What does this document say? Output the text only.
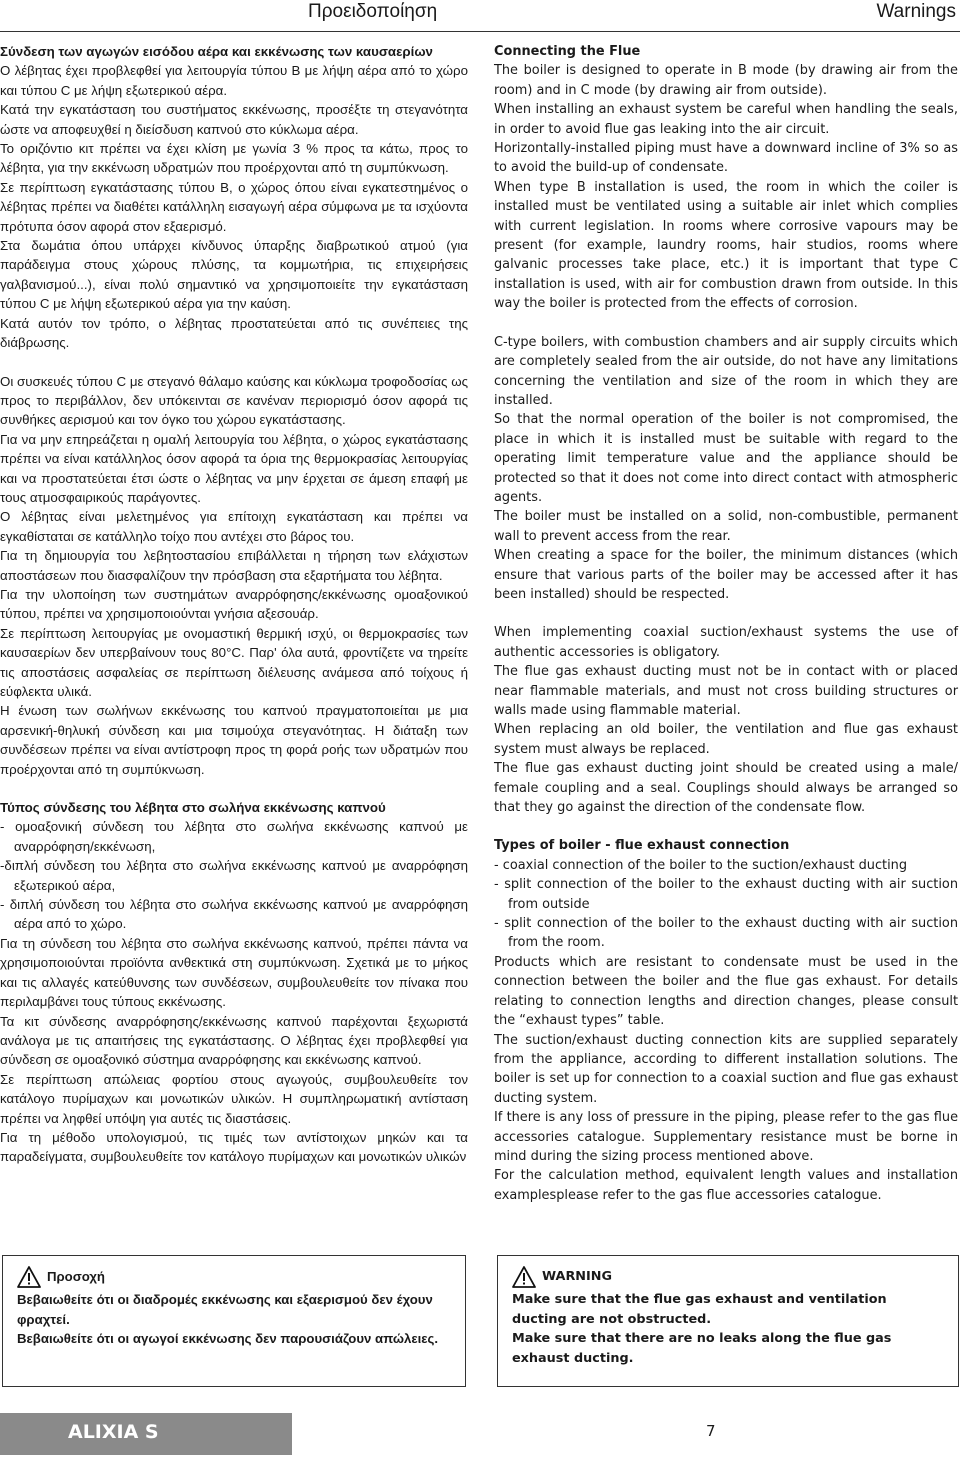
Προειδοποίηση	Warnings

Σύνδεση των αγωγών εισόδου αέρα και εκκένωσης των καυσαερίων

Ο λέβητας έχει προβλεφθεί για λειτουργία τύπου B με λήψη αέρα από το χώρο και τύπου C με λήψη εξωτερικού αέρα.

Κατά την εγκατάσταση του συστήματος εκκένωσης, προσέξτε τη στεγανότητα ώστε να αποφευχθεί η διείσδυση καπνού στο κύκλωμα αέρα.

Το οριζόντιο κιτ πρέπει να έχει κλίση με γωνία 3 % προς τα κάτω, προς το λέβητα, για την εκκένωση υδρατμών που προέρχονται από τη συμπύκνωση.

Σε περίπτωση εγκατάστασης τύπου B, ο χώρος όπου είναι εγκατεστημένος ο λέβητας πρέπει να διαθέτει κατάλληλη εισαγωγή αέρα σύμφωνα με τα ισχύοντα πρότυπα όσον αφορά στον εξαερισμό.

Στα δωμάτια όπου υπάρχει κίνδυνος ύπαρξης διαβρωτικού ατμού (για παράδειγμα στους χώρους πλύσης, τα κομμωτήρια, τις επιχειρήσεις γαλβανισμού...), είναι πολύ σημαντικό να χρησιμοποιείτε την εγκατάσταση τύπου C με λήψη εξωτερικού αέρα για την καύση.

Κατά αυτόν τον τρόπο, ο λέβητας προστατεύεται από τις συνέπειες της διάβρωσης.

Οι συσκευές τύπου C με στεγανό θάλαμο καύσης και κύκλωμα τροφοδοσίας ως προς το περιβάλλον, δεν υπόκεινται σε κανέναν περιορισμό όσον αφορά τις συνθήκες αερισμού και τον όγκο του χώρου εγκατάστασης.

Για να μην επηρεάζεται η ομαλή λειτουργία του λέβητα, ο χώρος εγκατάστασης πρέπει να είναι κατάλληλος όσον αφορά τα όρια της θερμοκρασίας λειτουργίας και να προστατεύεται έτσι ώστε ο λέβητας να μην έρχεται σε άμεση επαφή με τους ατμοσφαιρικούς παράγοντες.

Ο λέβητας είναι μελετημένος για επίτοιχη εγκατάσταση και πρέπει να εγκαθίσταται σε κατάλληλο τοίχο που αντέχει στο βάρος του.

Για τη δημιουργία του λεβητοστασίου επιβάλλεται η τήρηση των ελάχιστων αποστάσεων που διασφαλίζουν την πρόσβαση στα εξαρτήματα του λέβητα.

Για την υλοποίηση των συστημάτων αναρρόφησης/εκκένωσης ομοαξονικού τύπου, πρέπει να χρησιμοποιούνται γνήσια αξεσουάρ.

Σε περίπτωση λειτουργίας με ονομαστική θερμική ισχύ, οι θερμοκρασίες των καυσαερίων δεν υπερβαίνουν τους 80°C. Παρ' όλα αυτά, φροντίζετε να τηρείτε τις αποστάσεις ασφαλείας σε περίπτωση διέλευσης ανάμεσα από τοίχους ή εύφλεκτα υλικά.

Η ένωση των σωλήνων εκκένωσης του καπνού πραγματοποιείται με μια αρσενική-θηλυκή σύνδεση και μια τσιμούχα στεγανότητας. Η διάταξη των συνδέσεων πρέπει να είναι αντίστροφη προς τη φορά ροής των υδρατμών που προέρχονται από τη συμπύκνωση.

Τύπος σύνδεσης του λέβητα στο σωλήνα εκκένωσης καπνού

- ομοαξονική σύνδεση του λέβητα στο σωλήνα εκκένωσης καπνού με αναρρόφηση/εκκένωση,

-διπλή σύνδεση του λέβητα στο σωλήνα εκκένωσης καπνού με αναρρόφηση εξωτερικού αέρα,

- διπλή σύνδεση του λέβητα στο σωλήνα εκκένωσης καπνού με αναρρόφηση αέρα από το χώρο.

Για τη σύνδεση του λέβητα στο σωλήνα εκκένωσης καπνού, πρέπει πάντα να χρησιμοποιούνται προϊόντα ανθεκτικά στη συμπύκνωση. Σχετικά με το μήκος και τις αλλαγές κατεύθυνσης των συνδέσεων, συμβουλευθείτε τον πίνακα που περιλαμβάνει τους τύπους εκκένωσης.

Τα κιτ σύνδεσης αναρρόφησης/εκκένωσης καπνού παρέχονται ξεχωριστά ανάλογα με τις απαιτήσεις της εγκατάστασης. Ο λέβητας έχει προβλεφθεί για σύνδεση σε ομοαξονικό σύστημα αναρρόφησης και εκκένωσης καπνού.

Σε περίπτωση απώλειας φορτίου στους αγωγούς, συμβουλευθείτε τον κατάλογο πυρίμαχων και μονωτικών υλικών. Η συμπληρωματική αντίσταση πρέπει να ληφθεί υπόψη για αυτές τις διαστάσεις.

Για τη μέθοδο υπολογισμού, τις τιμές των αντίστοιχων μηκών και τα παραδείγματα, συμβουλευθείτε τον κατάλογο πυρίμαχων και μονωτικών υλικών

Connecting the Flue

The boiler is designed to operate in B mode (by drawing air from the room) and in C mode (by drawing air from outside).

When installing an exhaust system be careful when handling the seals, in order to avoid flue gas leaking into the air circuit.

Horizontally-installed piping must have a downward incline of 3% so as to avoid the build-up of condensate.

When type B installation is used, the room in which the coiler is installed must be ventilated using a suitable air inlet which complies with current legislation. In rooms where corrosive vapours may be present (for example, laundry rooms, hair studios, rooms where galvanic processes take place, etc.) it is important that type C installation is used, with air for combustion drawn from outside. In this way the boiler is protected from the effects of corrosion.

C-type boilers, with combustion chambers and air supply circuits which are completely sealed from the air outside, do not have any limitations concerning the ventilation and size of the room in which they are installed.

So that the normal operation of the boiler is not compromised, the place in which it is installed must be suitable with regard to the operating limit temperature value and the appliance should be protected so that it does not come into direct contact with atmospheric agents.

The boiler must be installed on a solid, non-combustible, permanent wall to prevent access from the rear.

When creating a space for the boiler, the minimum distances (which ensure that various parts of the boiler may be accessed after it has been installed) should be respected.

When implementing coaxial suction/exhaust systems the use of authentic accessories is obligatory.

The flue gas exhaust ducting must not be in contact with or placed near flammable materials, and must not cross building structures or walls made using flammable material.

When replacing an old boiler, the ventilation and flue gas exhaust system must always be replaced.

The flue gas exhaust ducting joint should be created using a male/ female coupling and a seal. Couplings should always be arranged so that they go against the direction of the condensate flow.

Types of boiler - flue exhaust connection

- coaxial connection of the boiler to the suction/exhaust ducting

- split connection of the boiler to the exhaust ducting with air suction from outside

- split connection of the boiler to the exhaust ducting with air suction from the room.

Products which are resistant to condensate must be used in the connection between the boiler and the flue gas exhaust. For details relating to connection lengths and direction changes, please consult the “exhaust types” table.

The suction/exhaust ducting connection kits are supplied separately from the appliance, according to different installation solutions. The boiler is set up for connection to a coaxial suction and flue gas exhaust ducting system.

If there is any loss of pressure in the piping, please refer to the gas flue accessories catalogue. Supplementary resistance must be borne in mind during the sizing process mentioned above.

For the calculation method, equivalent length values and installation examplesplease refer to the gas flue accessories catalogue.

Προσοχή

Βεβαιωθείτε ότι οι διαδρομές εκκένωσης και εξαερισμού δεν έχουν φραχτεί.

Βεβαιωθείτε ότι οι αγωγοί εκκένωσης δεν παρουσιάζουν απώλειες.

WARNING

Make sure that the flue gas exhaust and ventilation ducting are not obstructed.

Make sure that there are no leaks along the flue gas exhaust ducting.

ALIXIA S	7
